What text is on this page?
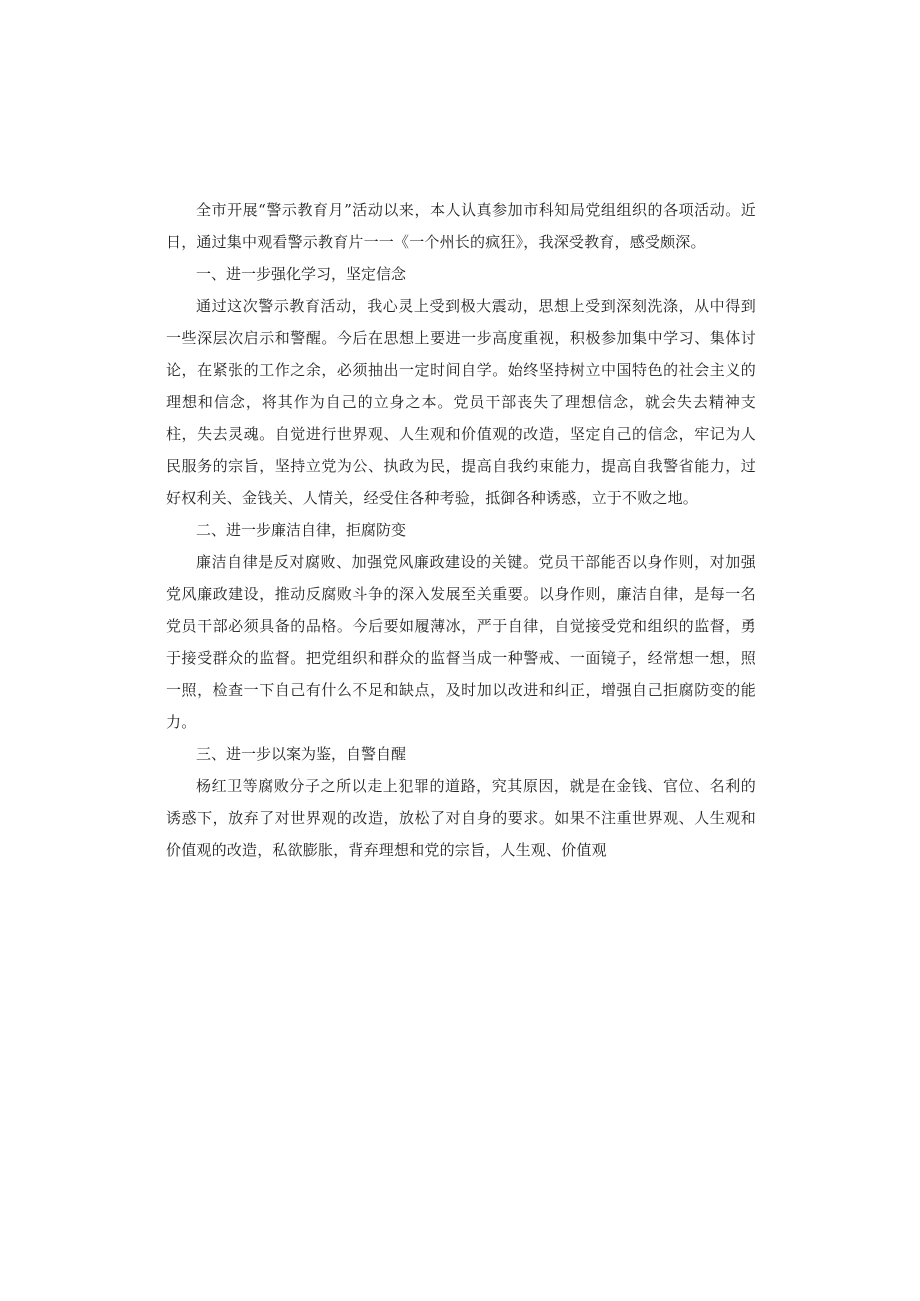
全市开展“警示教育月”活动以来，本人认真参加市科知局党组组织的各项活动。近日，通过集中观看警示教育片一一《一个州长的疯狂》，我深受教育，感受颇深。

一、进一步强化学习，坚定信念

通过这次警示教育活动，我心灵上受到极大震动，思想上受到深刻洗涤，从中得到一些深层次启示和警醒。今后在思想上要进一步高度重视，积极参加集中学习、集体讨论，在紧张的工作之余，必须抽出一定时间自学。始终坚持树立中国特色的社会主义的理想和信念，将其作为自己的立身之本。党员干部丧失了理想信念，就会失去精神支柱，失去灵魂。自觉进行世界观、人生观和价值观的改造，坚定自己的信念，牢记为人民服务的宗旨，坚持立党为公、执政为民，提高自我约束能力，提高自我警省能力，过好权利关、金钱关、人情关，经受住各种考验，抵御各种诱惑，立于不败之地。

二、进一步廉洁自律，拒腐防变

廉洁自律是反对腐败、加强党风廉政建设的关键。党员干部能否以身作则，对加强党风廉政建设，推动反腐败斗争的深入发展至关重要。以身作则，廉洁自律，是每一名党员干部必须具备的品格。今后要如履薄冰，严于自律，自觉接受党和组织的监督，勇于接受群众的监督。把党组织和群众的监督当成一种警戒、一面镜子，经常想一想，照一照，检查一下自己有什么不足和缺点，及时加以改进和纠正，增强自己拒腐防变的能力。

三、进一步以案为鉴，自警自醒

杨红卫等腐败分子之所以走上犯罪的道路，究其原因，就是在金钱、官位、名利的诱惑下，放弃了对世界观的改造，放松了对自身的要求。如果不注重世界观、人生观和价值观的改造，私欲膨胀，背弃理想和党的宗旨，人生观、价值观
